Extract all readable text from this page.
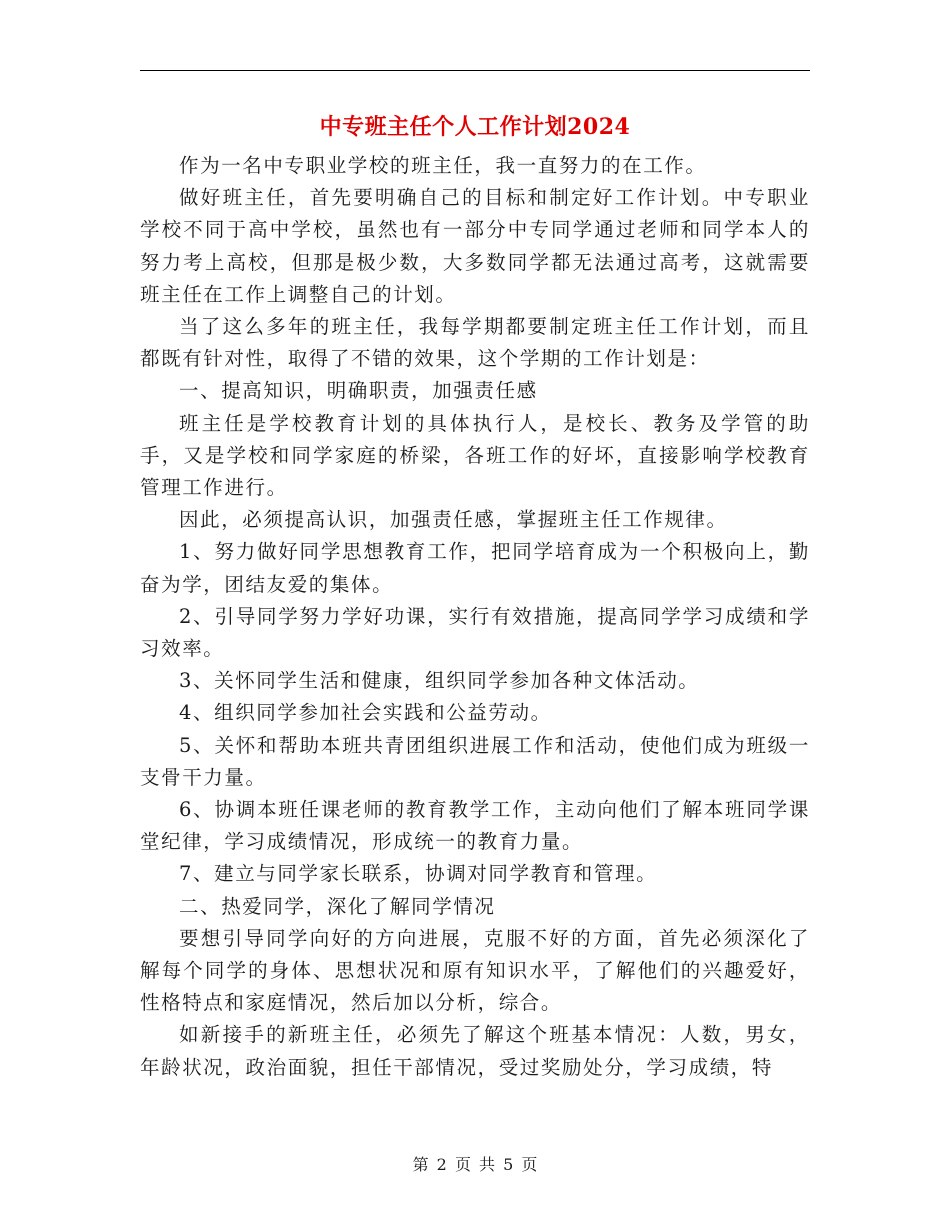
中专班主任个人工作计划2024

作为一名中专职业学校的班主任，我一直努力的在工作。

做好班主任，首先要明确自己的目标和制定好工作计划。中专职业学校不同于高中学校，虽然也有一部分中专同学通过老师和同学本人的努力考上高校，但那是极少数，大多数同学都无法通过高考，这就需要班主任在工作上调整自己的计划。

当了这么多年的班主任，我每学期都要制定班主任工作计划，而且都既有针对性，取得了不错的效果，这个学期的工作计划是：

一、提高知识，明确职责，加强责任感

班主任是学校教育计划的具体执行人，是校长、教务及学管的助手，又是学校和同学家庭的桥梁，各班工作的好坏，直接影响学校教育管理工作进行。

因此，必须提高认识，加强责任感，掌握班主任工作规律。

1、努力做好同学思想教育工作，把同学培育成为一个积极向上，勤奋为学，团结友爱的集体。

2、引导同学努力学好功课，实行有效措施，提高同学学习成绩和学习效率。

3、关怀同学生活和健康，组织同学参加各种文体活动。

4、组织同学参加社会实践和公益劳动。

5、关怀和帮助本班共青团组织进展工作和活动，使他们成为班级一支骨干力量。

6、协调本班任课老师的教育教学工作，主动向他们了解本班同学课堂纪律，学习成绩情况，形成统一的教育力量。

7、建立与同学家长联系，协调对同学教育和管理。

二、热爱同学，深化了解同学情况

要想引导同学向好的方向进展，克服不好的方面，首先必须深化了解每个同学的身体、思想状况和原有知识水平，了解他们的兴趣爱好，性格特点和家庭情况，然后加以分析，综合。

如新接手的新班主任，必须先了解这个班基本情况：人数，男女，年龄状况，政治面貌，担任干部情况，受过奖励处分，学习成绩，特

第 2 页 共 5 页
